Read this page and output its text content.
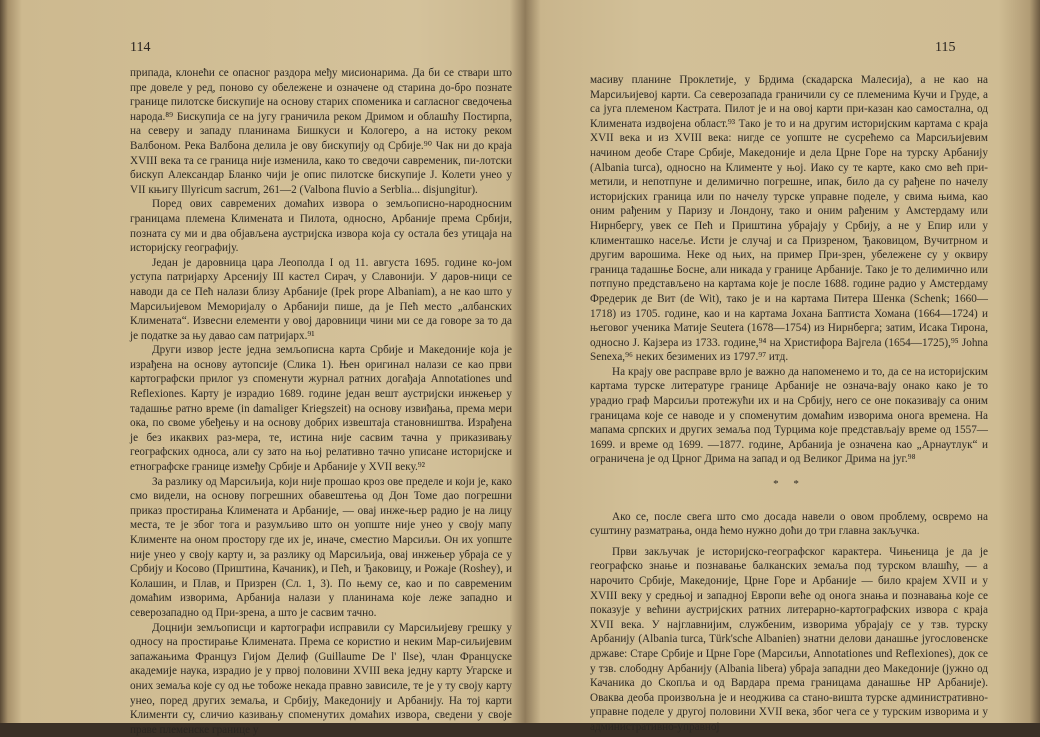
114

припада, клонећи се опасног раздора међу мисионарима. Да би се ствари што пре довеле у ред, поново су обележене и означене од старина до-бро познате границе пилотске бискупије на основу старих споменика и сагласног сведочења народа.⁸⁹ Бискупија се на југу граничила реком Дримом и облашћу Постирпа, на северу и западу планинама Бишкуси и Кологеро, а на истоку реком Валбоном. Река Валбона делила је ову бискупију од Србије.⁹⁰ Чак ни до краја XVIII века та се граница није изменила, како то сведочи савременик, пи-лотски бискуп Александар Бланко чији је опис пилотске бискупије J. Колети унео у VII књигу Illyricum sacrum, 261—2 (Valbona fluvio a Serblia... disjungitur).

Поред ових савремених домаћих извора о земљописно-народносним границама племена Климената и Пилота, односно, Арбаније према Србији, позната су ми и два објављена аустријска извора која су остала без утицаја на историјску географију.

Један је даровница цара Леополда I од 11. августа 1695. године ко-јом уступа патријарху Арсенију III кастел Сирач, у Славонији. У даров-ници се наводи да се Пећ налази близу Арбаније (Ipek prope Albaniam), а не као што у Марсиљијевом Меморијалу о Арбанији пише, да је Пећ место „албанских Климената“. Извесни елементи у овој даровници чини ми се да говоре за то да је податке за њу давао сам патријарх.⁹¹

Други извор јесте једна земљописна карта Србије и Македоније која је израђена на основу аутопсије (Слика 1). Њен оригинал налази се као први картографски прилог уз споменути журнал ратних догађаја Annotationes und Reflexiones. Карту је израдио 1689. године један вешт аустријски инжењер у тадашње ратно време (in damaliger Kriegszeit) на основу извиђања, према мери ока, по своме убеђењу и на основу добрих извештаја становништва. Израђена је без икаквих раз-мера, те, истина није сасвим тачна у приказивању географских односа, али су зато на њој релативно тачно уписане историјске и етнографске границе између Србије и Арбаније у XVII веку.⁹²

За разлику од Марсиљија, који није прошао кроз ове пределе и који је, како смо видели, на основу погрешних обавештења од Дон Томе дао погрешни приказ простирања Климената и Арбаније, — овај инже-њер радио је на лицу места, те је због тога и разумљиво што он уопште није унео у своју мапу Клименте на оном простору где их је, иначе, сместио Марсиљи. Он их уопште није унео у своју карту и, за разлику од Марсиљија, овај инжењер убраја се у Србију и Косово (Приштина, Качаник), и Пећ, и Ђаковицу, и Рожаје (Roshey), и Колашин, и Плав, и Призрен (Сл. 1, 3). По њему се, као и по савременим домаћим изворима, Арбанија налази у планинама које леже западно и северозападно од При-зрена, а што је сасвим тачно.

Доцнији земљописци и картографи исправили су Марсиљијеву грешку у односу на простирање Климената. Према се користио и неким Мар-сиљијевим запажањима Француз Гијом Делиф (Guillaume De l' Ilse), члан Француске академије наука, израдио је у првој половини XVIII века једну карту Угарске и оних земаља које су од ње тобоже некада правно зависиле, те је у ту своју карту унео, поред других земаља, и Србију, Македонију и Арбанију. На тој карти Клименти су, сличио казивању споменутих домаћих извора, сведени у своје праве племенске границе у

115

масиву планине Проклетије, у Брдима (скадарска Малесија), а не као на Марсиљијевој карти. Са северозапада граничили су се племенима Кучи и Груде, а са југа племеном Кастрата. Пилот је и на овој карти при-казан као самостална, од Климената издвојена област.⁹³ Тако је то и на другим историјским картама с краја XVII века и из XVIII века: нигде се уопште не сусрећемо са Марсиљијевим начином деобе Старе Србије, Македоније и дела Црне Горе на турску Арбанију (Albania turca), односно на Клименте у њој. Иако су те карте, како смо већ при-метили, и непотпуне и делимично погрешне, ипак, било да су рађене по начелу историјских граница или по начелу турске управне поделе, у свима њима, као оним рађеним у Паризу и Лондону, тако и оним рађеним у Амстердаму или Нирнбергу, увек се Пећ и Приштина убрајају у Србију, а не у Епир или у клименташко насеље. Исти је случај и са Призреном, Ђаковицом, Вучитрном и другим варошима. Неке од њих, на пример При-зрен, убележене су у оквиру граница тадашње Босне, али никада у границе Арбаније. Тако је то делимично или потпуно представљено на картама које је после 1688. године радио у Амстердаму Фредерик де Вит (de Wit), тако је и на картама Питера Шенка (Schenk; 1660—1718) из 1705. године, као и на картама Јохана Баптиста Хомана (1664—1724) и његовог ученика Матије Seutera (1678—1754) из Нирнберга; затим, Исака Тирона, односно Ј. Кајзера из 1733. године,⁹⁴ на Христифора Вајгела (1654—1725),⁹⁵ Johna Senexa,⁹⁶ неких безимених из 1797.⁹⁷ итд.

На крају ове расправе врло је важно да напоменемо и то, да се на историјским картама турске литературе границе Арбаније не означа-вају онако како је то урадио граф Марсиљи протежући их и на Србију, него се оне показивају са оним границама које се наводе и у споменутим домаћим изворима онога времена. На мапама српских и других земаља под Турцима које представљају време од 1557—1699. и време од 1699. —1877. године, Арбанија је означена као „Арнаутлук“ и ограничена је од Црног Дрима на запад и од Великог Дрима на југ.⁹⁸

* *

Ако се, после свега што смо досада навели о овом проблему, освремо на суштину разматрања, онда ћемо нужно доћи до три главна закључка.

Први закључак је историјско-географског карактера. Чињеница је да је географско знање и познавање балканских земаља под турском влашћу, — а нарочито Србије, Македоније, Црне Горе и Арбаније — било крајем XVII и у XVIII веку у средњој и западној Европи веће од онога знања и познавања које се показује у већини аустријских ратних литерарно-картографских извора с краја XVII века. У најглавнијим, службеним, изворима убрајају се у тзв. турску Арбанију (Albania turca, Türk'sche Albanien) знатни делови данашње југословенске државе: Старе Србије и Црне Горе (Марсиљи, Annotationes und Reflexiones), док се у тзв. слободну Арбанију (Albania libera) убраја западни део Македоније (јужно од Качаника до Скопља и од Вардара према границама данашње НР Арбаније). Оваква деоба произвољна је и неоджива са стано-вишта турске административно-управне поделе у другој половини XVII века, због чега се у турским изворима и у административно-управној
